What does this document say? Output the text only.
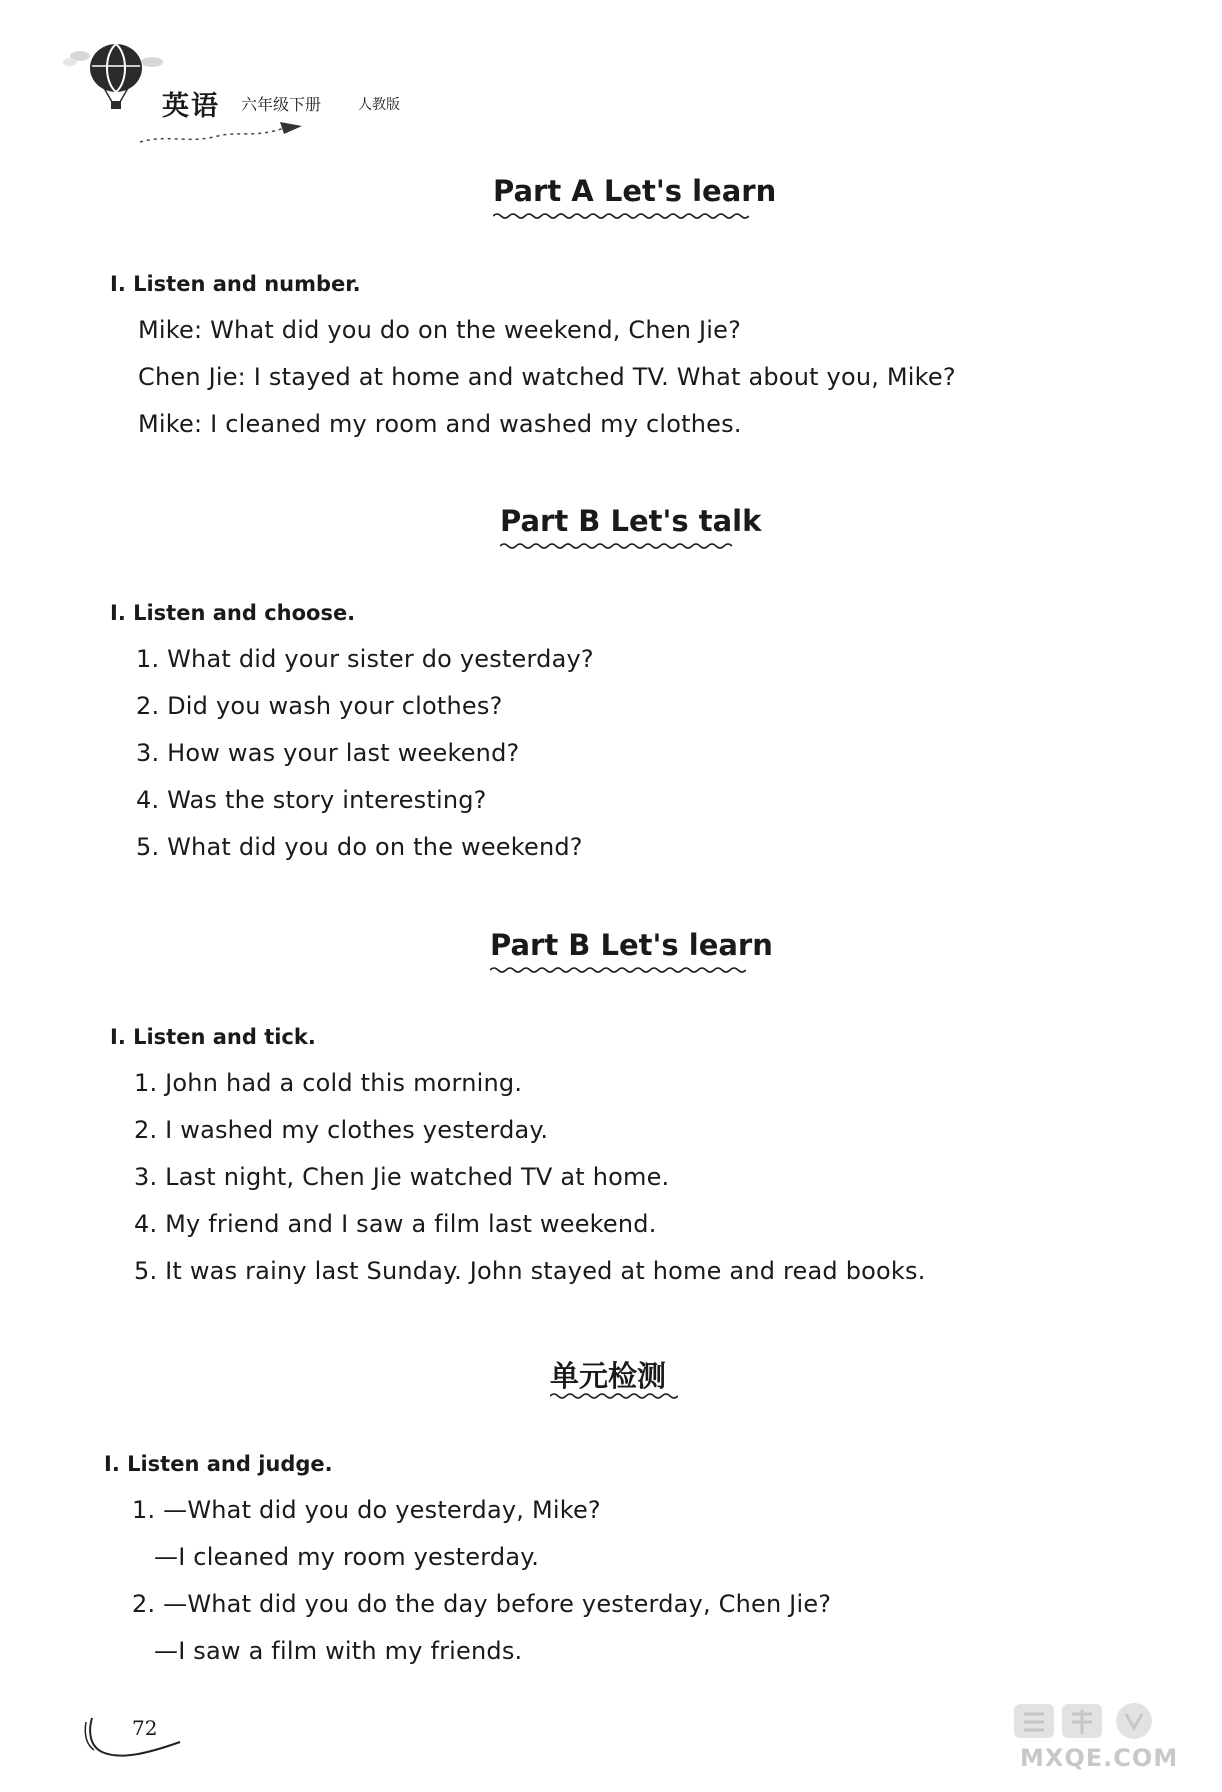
英语 六年级下册	人教版
Part A Let's learn
Ⅰ. Listen and number.
Mike: What did you do on the weekend, Chen Jie?
Chen Jie: I stayed at home and watched TV. What about you, Mike?
Mike: I cleaned my room and washed my clothes.
Part B Let's talk
Ⅰ. Listen and choose.
1. What did your sister do yesterday?
2. Did you wash your clothes?
3. How was your last weekend?
4. Was the story interesting?
5. What did you do on the weekend?
Part B Let's learn
Ⅰ. Listen and tick.
1. John had a cold this morning.
2. I washed my clothes yesterday.
3. Last night, Chen Jie watched TV at home.
4. My friend and I saw a film last weekend.
5. It was rainy last Sunday. John stayed at home and read books.
单元检测
Ⅰ. Listen and judge.
1. —What did you do yesterday, Mike?
—I cleaned my room yesterday.
2. —What did you do the day before yesterday, Chen Jie?
—I saw a film with my friends.
72
MXQE.COM
